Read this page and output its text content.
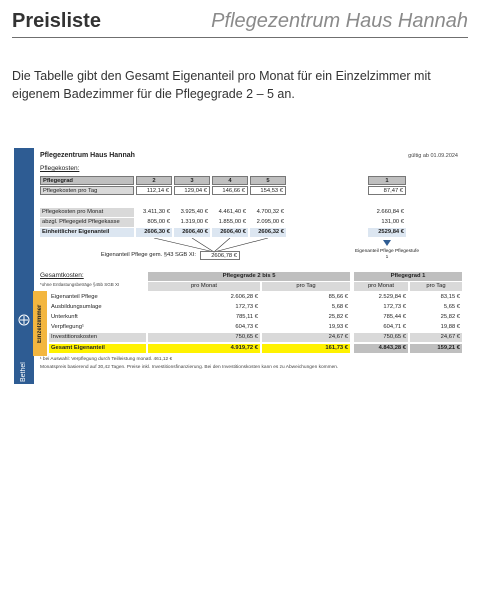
Preisliste	Pflegezentrum Haus Hannah
Die Tabelle gibt den Gesamt Eigenanteil pro Monat für ein Einzelzimmer mit eigenem Badezimmer für die Pflegegrade 2 – 5 an.
Bethel
Pflegezentrum Haus Hannah	gültig ab 01.09.2024
Pflegekosten:
Pflegegrad	2	3	4	5	1
Pflegekosten pro Tag	112,14 €	129,04 €	146,66 €	154,53 €	87,47 €
Pflegekosten pro Monat	3.411,30 €	3.925,40 €	4.461,40 €	4.700,32 €	2.660,84 €
abzgl. Pflegegeld Pflegekasse	805,00 €	1.319,00 €	1.855,00 €	2.095,00 €	131,00 €
Einheitlicher Eigenanteil	2606,30 €	2606,40 €	2606,40 €	2606,32 €	2529,84 €
Eigenanteil Pflege gem. §43 SGB XI:	2606,78 €
Eigenanteil Pflege Pflegestufe 1
Gesamtkosten:
*ohne Entlastungsbeträge §45b SGB XI
Pflegegrade 2 bis 5	Pflegegrad 1
pro Monat	pro Tag	pro Monat	pro Tag
Einzelzimmer
Eigenanteil Pflege	2.606,28 €	85,66 €	2.529,84 €	83,15 €
Ausbildungsumlage	172,73 €	5,68 €	172,73 €	5,65 €
Unterkunft	785,11 €	25,82 €	785,44 €	25,82 €
Verpflegung¹	604,73 €	19,93 €	604,71 €	19,88 €
Investitionskosten	750,65 €	24,67 €	750,65 €	24,67 €
Gesamt Eigenanteil	4.919,72 €	161,73 €	4.843,28 €	159,21 €
¹ bei Auswahl: Verpflegung durch Teilleistung monatl. 461,12 €
Monatspreis basierend auf 30,42 Tagen. Preise inkl. Investitionsfinanzierung. Bei den Investitionskosten kann es zu Abweichungen kommen.
